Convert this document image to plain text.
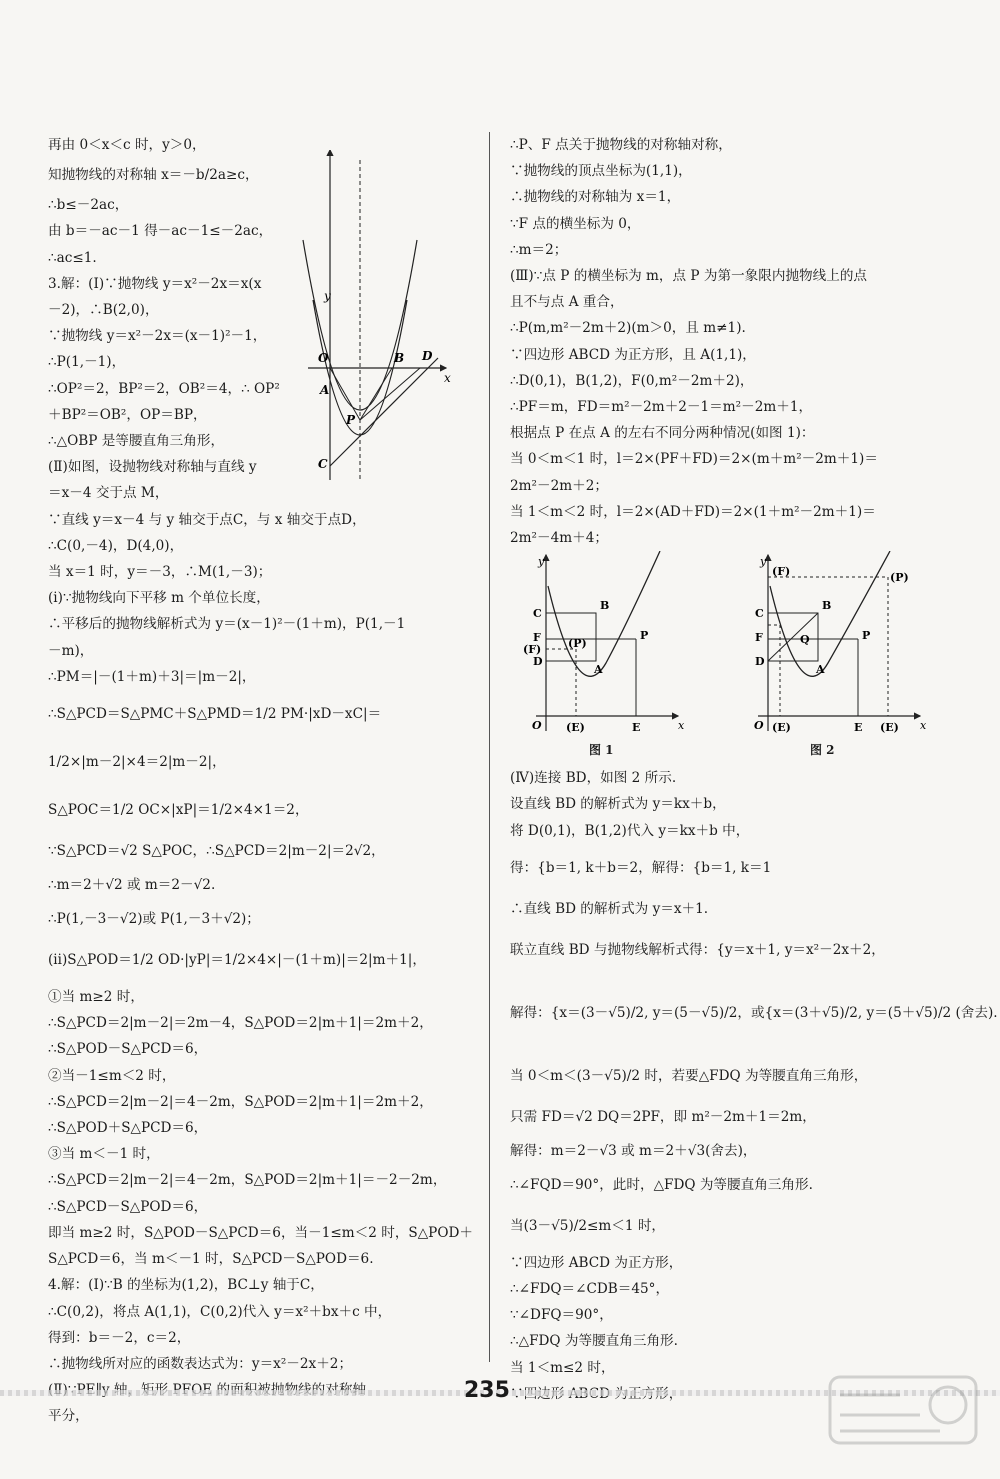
再由 0＜x＜c 时，y＞0，
知抛物线的对称轴 x＝－b/2a≥c，
∴b≤－2ac，
由 b＝－ac－1 得－ac－1≤－2ac，
∴ac≤1.
3.解：(Ⅰ)∵抛物线 y＝x²－2x＝x(x
－2)，∴B(2,0)，
∵抛物线 y＝x²－2x＝(x－1)²－1，
∴P(1,－1)，
∴OP²＝2，BP²＝2，OB²＝4，∴ OP²
＋BP²＝OB²，OP＝BP，
∴△OBP 是等腰直角三角形，
(Ⅱ)如图，设抛物线对称轴与直线 y
＝x－4 交于点 M，
∵直线 y＝x－4 与 y 轴交于点C，与 x 轴交于点D，
∴C(0,－4)，D(4,0)，
当 x＝1 时，y＝－3，∴M(1,－3)；
(ⅰ)∵抛物线向下平移 m 个单位长度，
∴平移后的抛物线解析式为 y＝(x－1)²－(1＋m)，P(1,－1
－m)，
∴PM＝|－(1＋m)＋3|＝|m－2|，
∴S△PCD＝S△PMC＋S△PMD＝1/2 PM·|xD－xC|＝
1/2×|m－2|×4＝2|m－2|，
S△POC＝1/2 OC×|xP|＝1/2×4×1＝2，
∵S△PCD＝√2 S△POC，∴S△PCD＝2|m－2|＝2√2，
∴m＝2＋√2 或 m＝2－√2.
∴P(1,－3－√2)或 P(1,－3＋√2)；
(ⅱ)S△POD＝1/2 OD·|yP|＝1/2×4×|－(1＋m)|＝2|m＋1|，
①当 m≥2 时，
∴S△PCD＝2|m－2|＝2m－4，S△POD＝2|m＋1|＝2m＋2，
∴S△POD－S△PCD＝6，
②当－1≤m＜2 时，
∴S△PCD＝2|m－2|＝4－2m，S△POD＝2|m＋1|＝2m＋2，
∴S△POD＋S△PCD＝6，
③当 m＜－1 时，
∴S△PCD＝2|m－2|＝4－2m，S△POD＝2|m＋1|＝－2－2m，
∴S△PCD－S△POD＝6，
即当 m≥2 时，S△POD－S△PCD＝6，当－1≤m＜2 时，S△POD＋
S△PCD＝6，当 m＜－1 时，S△PCD－S△POD＝6.
4.解：(Ⅰ)∵B 的坐标为(1,2)，BC⊥y 轴于C，
∴C(0,2)，将点 A(1,1)，C(0,2)代入 y＝x²＋bx＋c 中，
得到：b＝－2，c＝2，
∴抛物线所对应的函数表达式为：y＝x²－2x＋2；
平分，
y
x
O	B D
A
P
C
∴P、F 点关于抛物线的对称轴对称，
∵抛物线的顶点坐标为(1,1)，
∴抛物线的对称轴为 x＝1，
∵F 点的横坐标为 0，
∴m＝2；
(Ⅲ)∵点 P 的横坐标为 m，点 P 为第一象限内抛物线上的点
且不与点 A 重合，
∴P(m,m²－2m＋2)(m＞0，且 m≠1).
∵四边形 ABCD 为正方形，且 A(1,1)，
∴D(0,1)，B(1,2)，F(0,m²－2m＋2)，
∴PF＝m，FD＝m²－2m＋2－1＝m²－2m＋1，
根据点 P 在点 A 的左右不同分两种情况(如图 1)：
当 0＜m＜1 时，l＝2×(PF＋FD)＝2×(m＋m²－2m＋1)＝
2m²－2m＋2；
当 1＜m＜2 时，l＝2×(AD＋FD)＝2×(1＋m²－2m＋1)＝
2m²－4m＋4；
y
x
O
C
B
F
(F) (P)
P
D
A
(E)	E
图 1
y
x
O
(F)	(P)
C
B
F	P
Q
D
A
(E)	E (E)
图 2
(Ⅳ)连接 BD，如图 2 所示.
设直线 BD 的解析式为 y＝kx＋b，
将 D(0,1)，B(1,2)代入 y＝kx＋b 中，
得：{b＝1, k＋b＝2，解得：{b＝1, k＝1
∴直线 BD 的解析式为 y＝x＋1.
联立直线 BD 与抛物线解析式得：{y＝x＋1, y＝x²－2x＋2，
解得：{x＝(3－√5)/2, y＝(5－√5)/2，或{x＝(3＋√5)/2, y＝(5＋√5)/2 (舍去).
当 0＜m＜(3－√5)/2 时，若要△FDQ 为等腰直角三角形，
只需 FD＝√2 DQ＝2PF，即 m²－2m＋1＝2m，
解得：m＝2－√3 或 m＝2＋√3(舍去)，
∴∠FQD＝90°，此时，△FDQ 为等腰直角三角形.
当(3－√5)/2≤m＜1 时，
∵四边形 ABCD 为正方形，
∴∠FDQ＝∠CDB＝45°，
∵∠DFQ＝90°，
∴△FDQ 为等腰直角三角形.
当 1＜m≤2 时，
235
